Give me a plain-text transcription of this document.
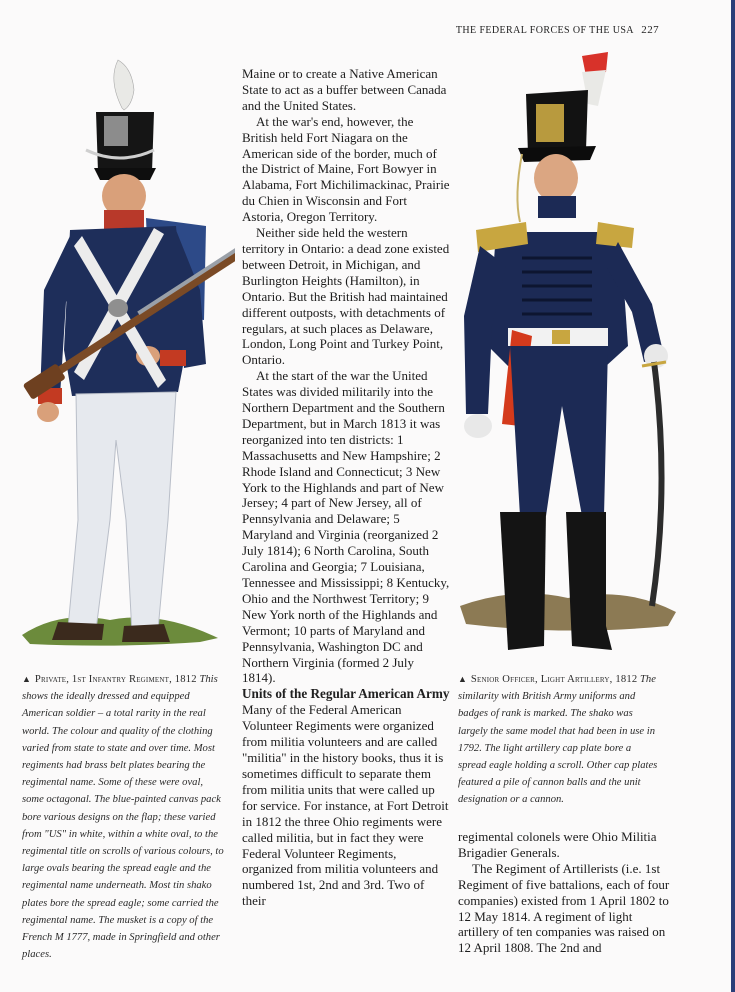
THE FEDERAL FORCES OF THE USA 227
▲ Private, 1st Infantry Regiment, 1812 This shows the ideally dressed and equipped American soldier – a total rarity in the real world. The colour and quality of the clothing varied from state to state and over time. Most regiments had brass belt plates bearing the regimental name. Some of these were oval, some octagonal. The blue-painted canvas pack bore various designs on the flap; these varied from "US" in white, within a white oval, to the regimental title on scrolls of various colours, to large ovals bearing the spread eagle and the regimental name underneath. Most tin shako plates bore the spread eagle; some carried the regimental name. The musket is a copy of the French M 1777, made in Springfield and other places.
▲ Senior Officer, Light Artillery, 1812 The similarity with British Army uniforms and badges of rank is marked. The shako was largely the same model that had been in use in 1792. The light artillery cap plate bore a spread eagle holding a scroll. Other cap plates featured a pile of cannon balls and the unit designation or a cannon.

Maine or to create a Native American State to act as a buffer between Canada and the United States.

At the war's end, however, the British held Fort Niagara on the American side of the border, much of the District of Maine, Fort Bowyer in Alabama, Fort Michilimackinac, Prairie du Chien in Wisconsin and Fort Astoria, Oregon Territory.

Neither side held the western territory in Ontario: a dead zone existed between Detroit, in Michigan, and Burlington Heights (Hamilton), in Ontario. But the British had maintained different outposts, with detachments of regulars, at such places as Delaware, London, Long Point and Turkey Point, Ontario.

At the start of the war the United States was divided militarily into the Northern Department and the Southern Department, but in March 1813 it was reorganized into ten districts: 1 Massachusetts and New Hampshire; 2 Rhode Island and Connecticut; 3 New York to the Highlands and part of New Jersey; 4 part of New Jersey, all of Pennsylvania and Delaware; 5 Maryland and Virginia (reorganized 2 July 1814); 6 North Carolina, South Carolina and Georgia; 7 Louisiana, Tennessee and Mississippi; 8 Kentucky, Ohio and the Northwest Territory; 9 New York north of the Highlands and Vermont; 10 parts of Maryland and Pennsylvania, Washington DC and Northern Virginia (formed 2 July 1814).

Units of the Regular American Army

Many of the Federal American Volunteer Regiments were organized from militia volunteers and are called "militia" in the history books, thus it is sometimes difficult to separate them from militia units that were called up for service. For instance, at Fort Detroit in 1812 the three Ohio regiments were called militia, but in fact they were Federal Volunteer Regiments, organized from militia volunteers and numbered 1st, 2nd and 3rd. Two of their

regimental colonels were Ohio Militia Brigadier Generals.

The Regiment of Artillerists (i.e. 1st Regiment of five battalions, each of four companies) existed from 1 April 1802 to 12 May 1814. A regiment of light artillery of ten companies was raised on 12 April 1808. The 2nd and
